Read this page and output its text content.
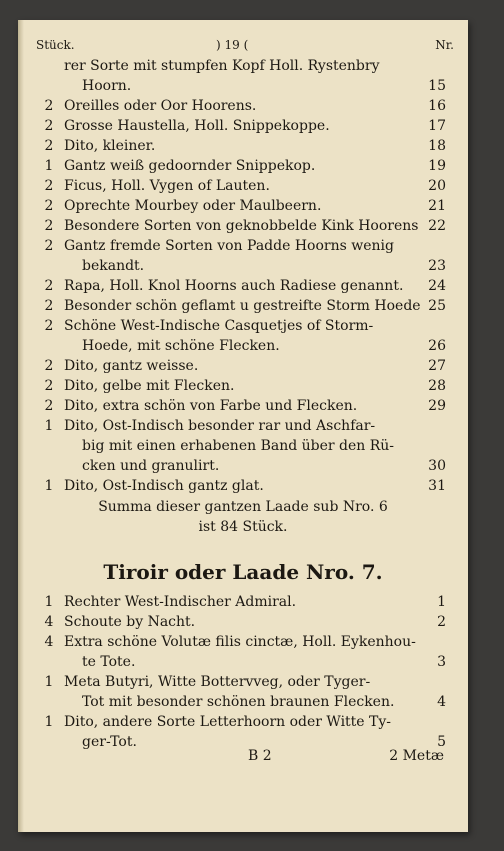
Stück.	) 19 (	Nr.
rer Sorte mit stumpfen Kopf Holl. Rystenbry
Hoorn.	15
2 Oreilles oder Oor Hoorens.	16
2 Grosse Haustella, Holl. Snippekoppe.	17
2 Dito, kleiner.	18
1 Gantz weiß gedoornder Snippekop.	19
2 Ficus, Holl. Vygen of Lauten.	20
2 Oprechte Mourbey oder Maulbeern.	21
2 Besondere Sorten von geknobbelde Kink Hoorens 22
2 Gantz fremde Sorten von Padde Hoorns wenig
bekandt.	23
2 Rapa, Holl. Knol Hoorns auch Radiese genannt.	24
2 Besonder schön geflamt u gestreifte Storm Hoede 25
2 Schöne West-Indische Casquetjes of Storm-
Hoede, mit schöne Flecken.	26
2 Dito, gantz weisse.	27
2 Dito, gelbe mit Flecken.	28
2 Dito, extra schön von Farbe und Flecken.	29
1 Dito, Ost-Indisch besonder rar und Aschfar-
big mit einen erhabenen Band über den Rü-
cken und granulirt.	30
1 Dito, Ost-Indisch gantz glat.	31
Summa dieser gantzen Laade sub Nro. 6
ist 84 Stück.
Tiroir oder Laade Nro. 7.
1 Rechter West-Indischer Admiral.	1
4 Schoute by Nacht.	2
4 Extra schöne Volutæ filis cinctæ, Holl. Eykenhou-
te Tote.	3
1 Meta Butyri, Witte Bottervveg, oder Tyger-
Tot mit besonder schönen braunen Flecken.	4
1 Dito, andere Sorte Letterhoorn oder Witte Ty-
ger-Tot.	5
B 2	2 Metæ
